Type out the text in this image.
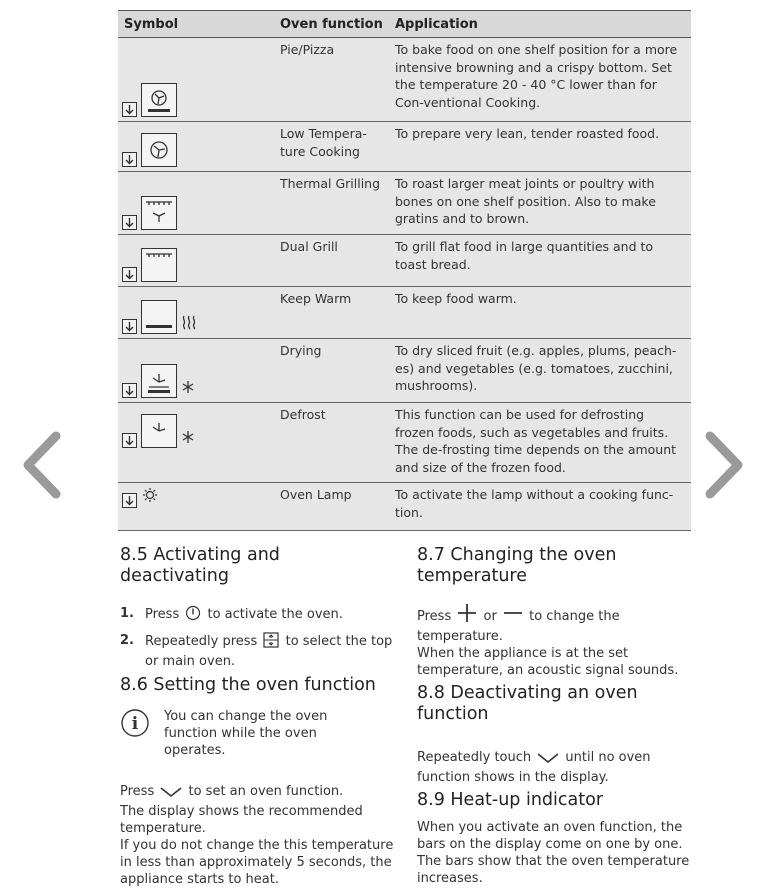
Symbol	Oven function	Application

	Pie/Pizza	To bake food on one shelf position for a more intensive browning and a crispy bottom. Set the temperature 20 - 40 °C lower than for Con-ventional Cooking.

	Low Tempera-ture Cooking	To prepare very lean, tender roasted food.

	Thermal Grilling	To roast larger meat joints or poultry with bones on one shelf position. Also to make gratins and to brown.

	Dual Grill	To grill flat food in large quantities and to toast bread.

	Keep Warm	To keep food warm.

	Drying	To dry sliced fruit (e.g. apples, plums, peach-es) and vegetables (e.g. tomatoes, zucchini, mushrooms).

	Defrost	This function can be used for defrosting frozen foods, such as vegetables and fruits. The de-frosting time depends on the amount and size of the frozen food.

	Oven Lamp	To activate the lamp without a cooking func-tion.
8.5 Activating and deactivating
1. Press to activate the oven.
2. Repeatedly press to select the top or main oven.
8.6 Setting the oven function
i You can change the oven function while the oven operates.

Press	to set an oven function.

The display shows the recommended temperature.

If you do not change the this temperature in less than approximately 5 seconds, the appliance starts to heat.

8.7 Changing the oven temperature

Press or to change the temperature.

When the appliance is at the set temperature, an acoustic signal sounds.

8.8 Deactivating an oven function

Repeatedly touch	until no oven function shows in the display.

8.9 Heat-up indicator

When you activate an oven function, the bars on the display come on one by one. The bars show that the oven temperature increases.
